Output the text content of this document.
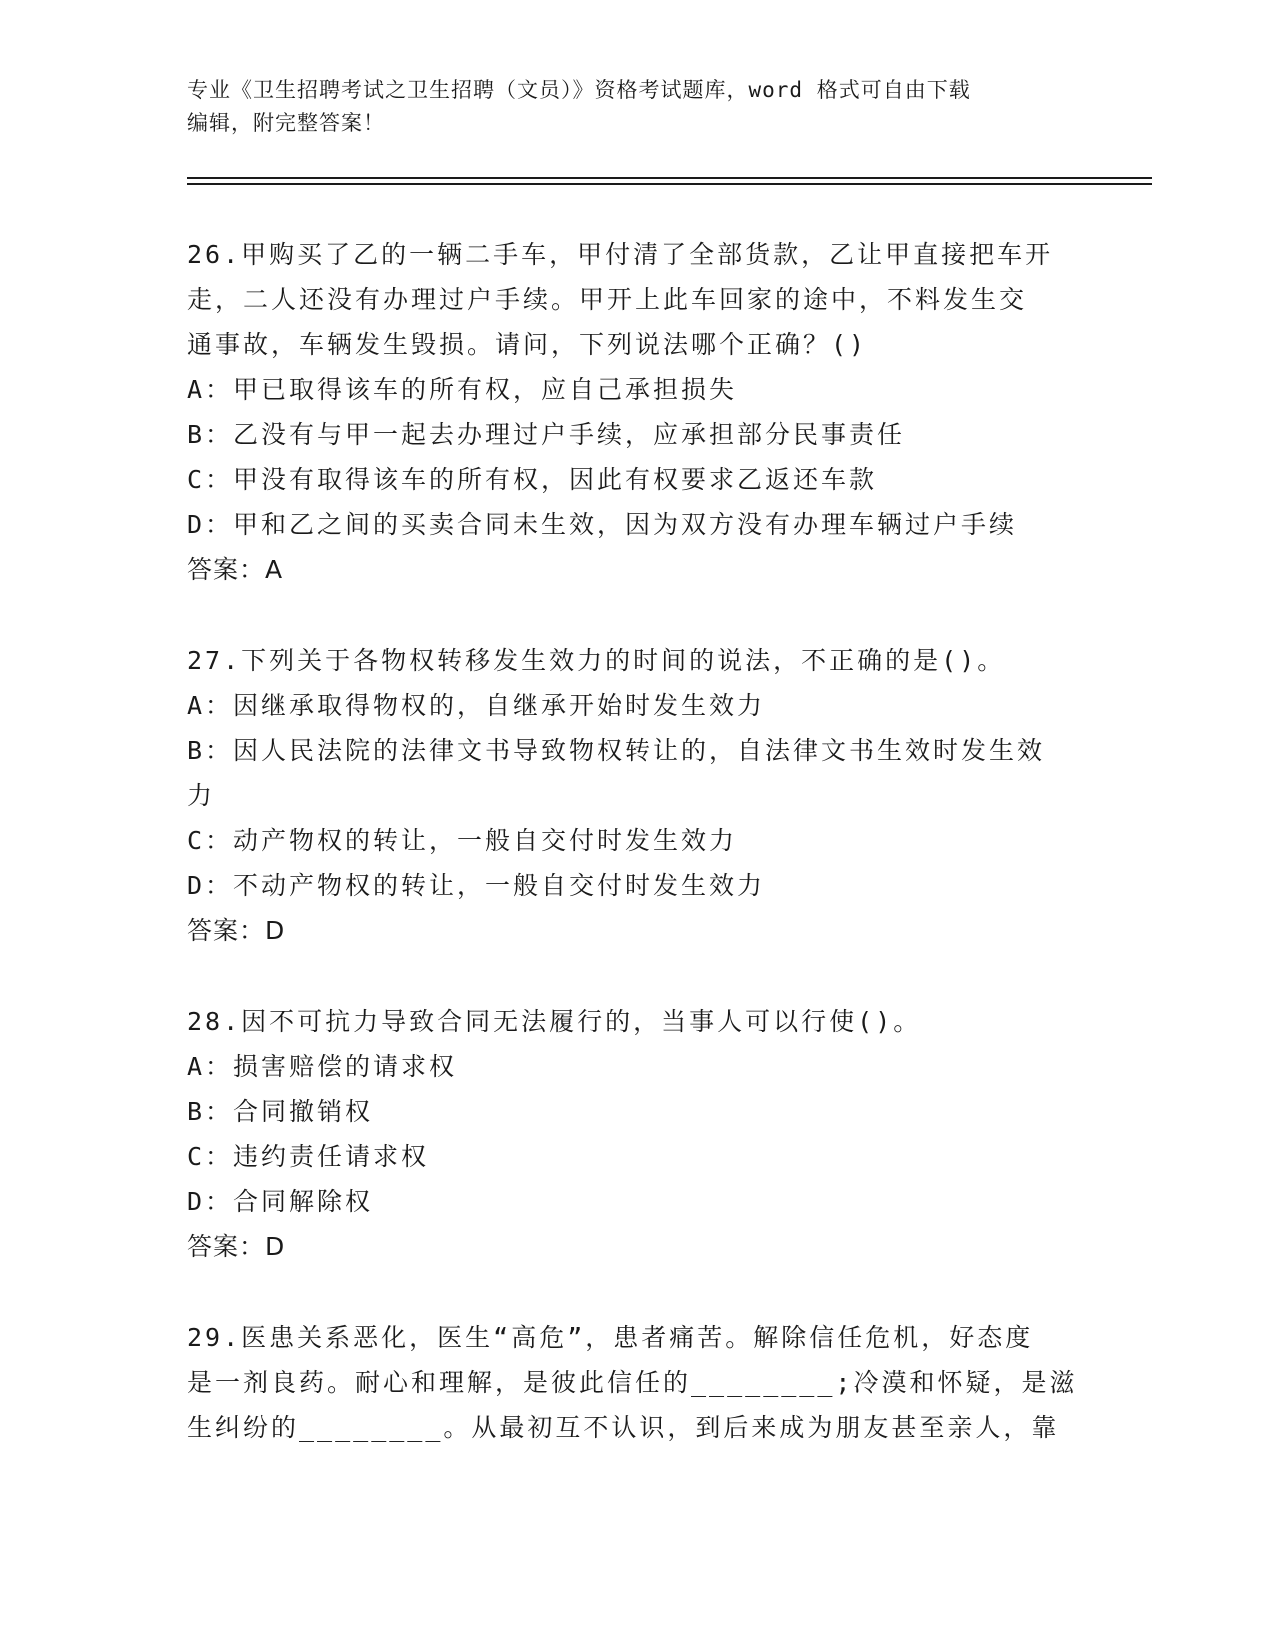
专业《卫生招聘考试之卫生招聘（文员）》资格考试题库，word 格式可自由下载
编辑，附完整答案！
26.甲购买了乙的一辆二手车，甲付清了全部货款，乙让甲直接把车开
走，二人还没有办理过户手续。甲开上此车回家的途中，不料发生交
通事故，车辆发生毁损。请问，下列说法哪个正确？()
A：甲已取得该车的所有权，应自己承担损失
B：乙没有与甲一起去办理过户手续，应承担部分民事责任
C：甲没有取得该车的所有权，因此有权要求乙返还车款
D：甲和乙之间的买卖合同未生效，因为双方没有办理车辆过户手续
答案：A
27.下列关于各物权转移发生效力的时间的说法，不正确的是()。
A：因继承取得物权的，自继承开始时发生效力
B：因人民法院的法律文书导致物权转让的，自法律文书生效时发生效
力
C：动产物权的转让，一般自交付时发生效力
D：不动产物权的转让，一般自交付时发生效力
答案：D
28.因不可抗力导致合同无法履行的，当事人可以行使()。
A：损害赔偿的请求权
B：合同撤销权
C：违约责任请求权
D：合同解除权
答案：D
29.医患关系恶化，医生“高危”，患者痛苦。解除信任危机，好态度
是一剂良药。耐心和理解，是彼此信任的________;冷漠和怀疑，是滋
生纠纷的________。从最初互不认识，到后来成为朋友甚至亲人，靠
